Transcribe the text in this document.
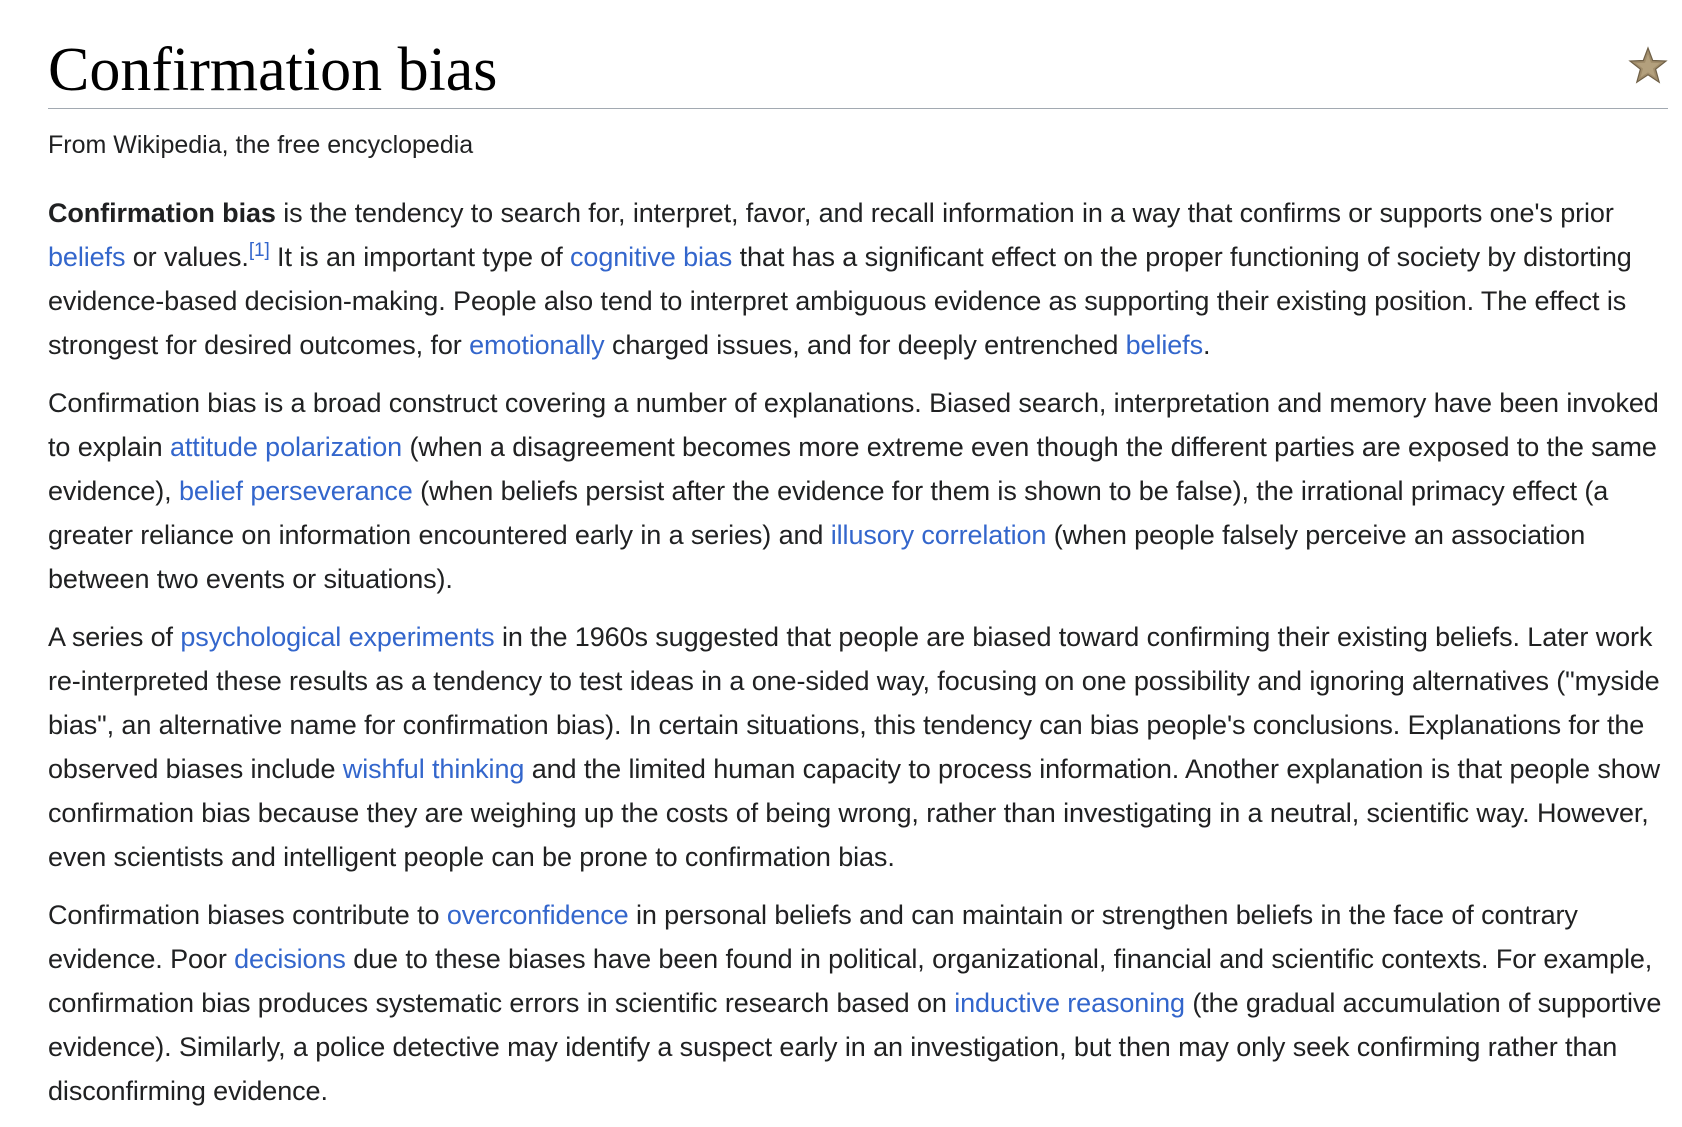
Confirmation bias
From Wikipedia, the free encyclopedia

Confirmation bias is the tendency to search for, interpret, favor, and recall information in a way that confirms or supports one's prior beliefs or values.[1] It is an important type of cognitive bias that has a significant effect on the proper functioning of society by distorting evidence-based decision-making. People also tend to interpret ambiguous evidence as supporting their existing position. The effect is strongest for desired outcomes, for emotionally charged issues, and for deeply entrenched beliefs.

Confirmation bias is a broad construct covering a number of explanations. Biased search, interpretation and memory have been invoked to explain attitude polarization (when a disagreement becomes more extreme even though the different parties are exposed to the same evidence), belief perseverance (when beliefs persist after the evidence for them is shown to be false), the irrational primacy effect (a greater reliance on information encountered early in a series) and illusory correlation (when people falsely perceive an association between two events or situations).

A series of psychological experiments in the 1960s suggested that people are biased toward confirming their existing beliefs. Later work re-interpreted these results as a tendency to test ideas in a one-sided way, focusing on one possibility and ignoring alternatives ("myside bias", an alternative name for confirmation bias). In certain situations, this tendency can bias people's conclusions. Explanations for the observed biases include wishful thinking and the limited human capacity to process information. Another explanation is that people show confirmation bias because they are weighing up the costs of being wrong, rather than investigating in a neutral, scientific way. However, even scientists and intelligent people can be prone to confirmation bias.

Confirmation biases contribute to overconfidence in personal beliefs and can maintain or strengthen beliefs in the face of contrary evidence. Poor decisions due to these biases have been found in political, organizational, financial and scientific contexts. For example, confirmation bias produces systematic errors in scientific research based on inductive reasoning (the gradual accumulation of supportive evidence). Similarly, a police detective may identify a suspect early in an investigation, but then may only seek confirming rather than disconfirming evidence.
